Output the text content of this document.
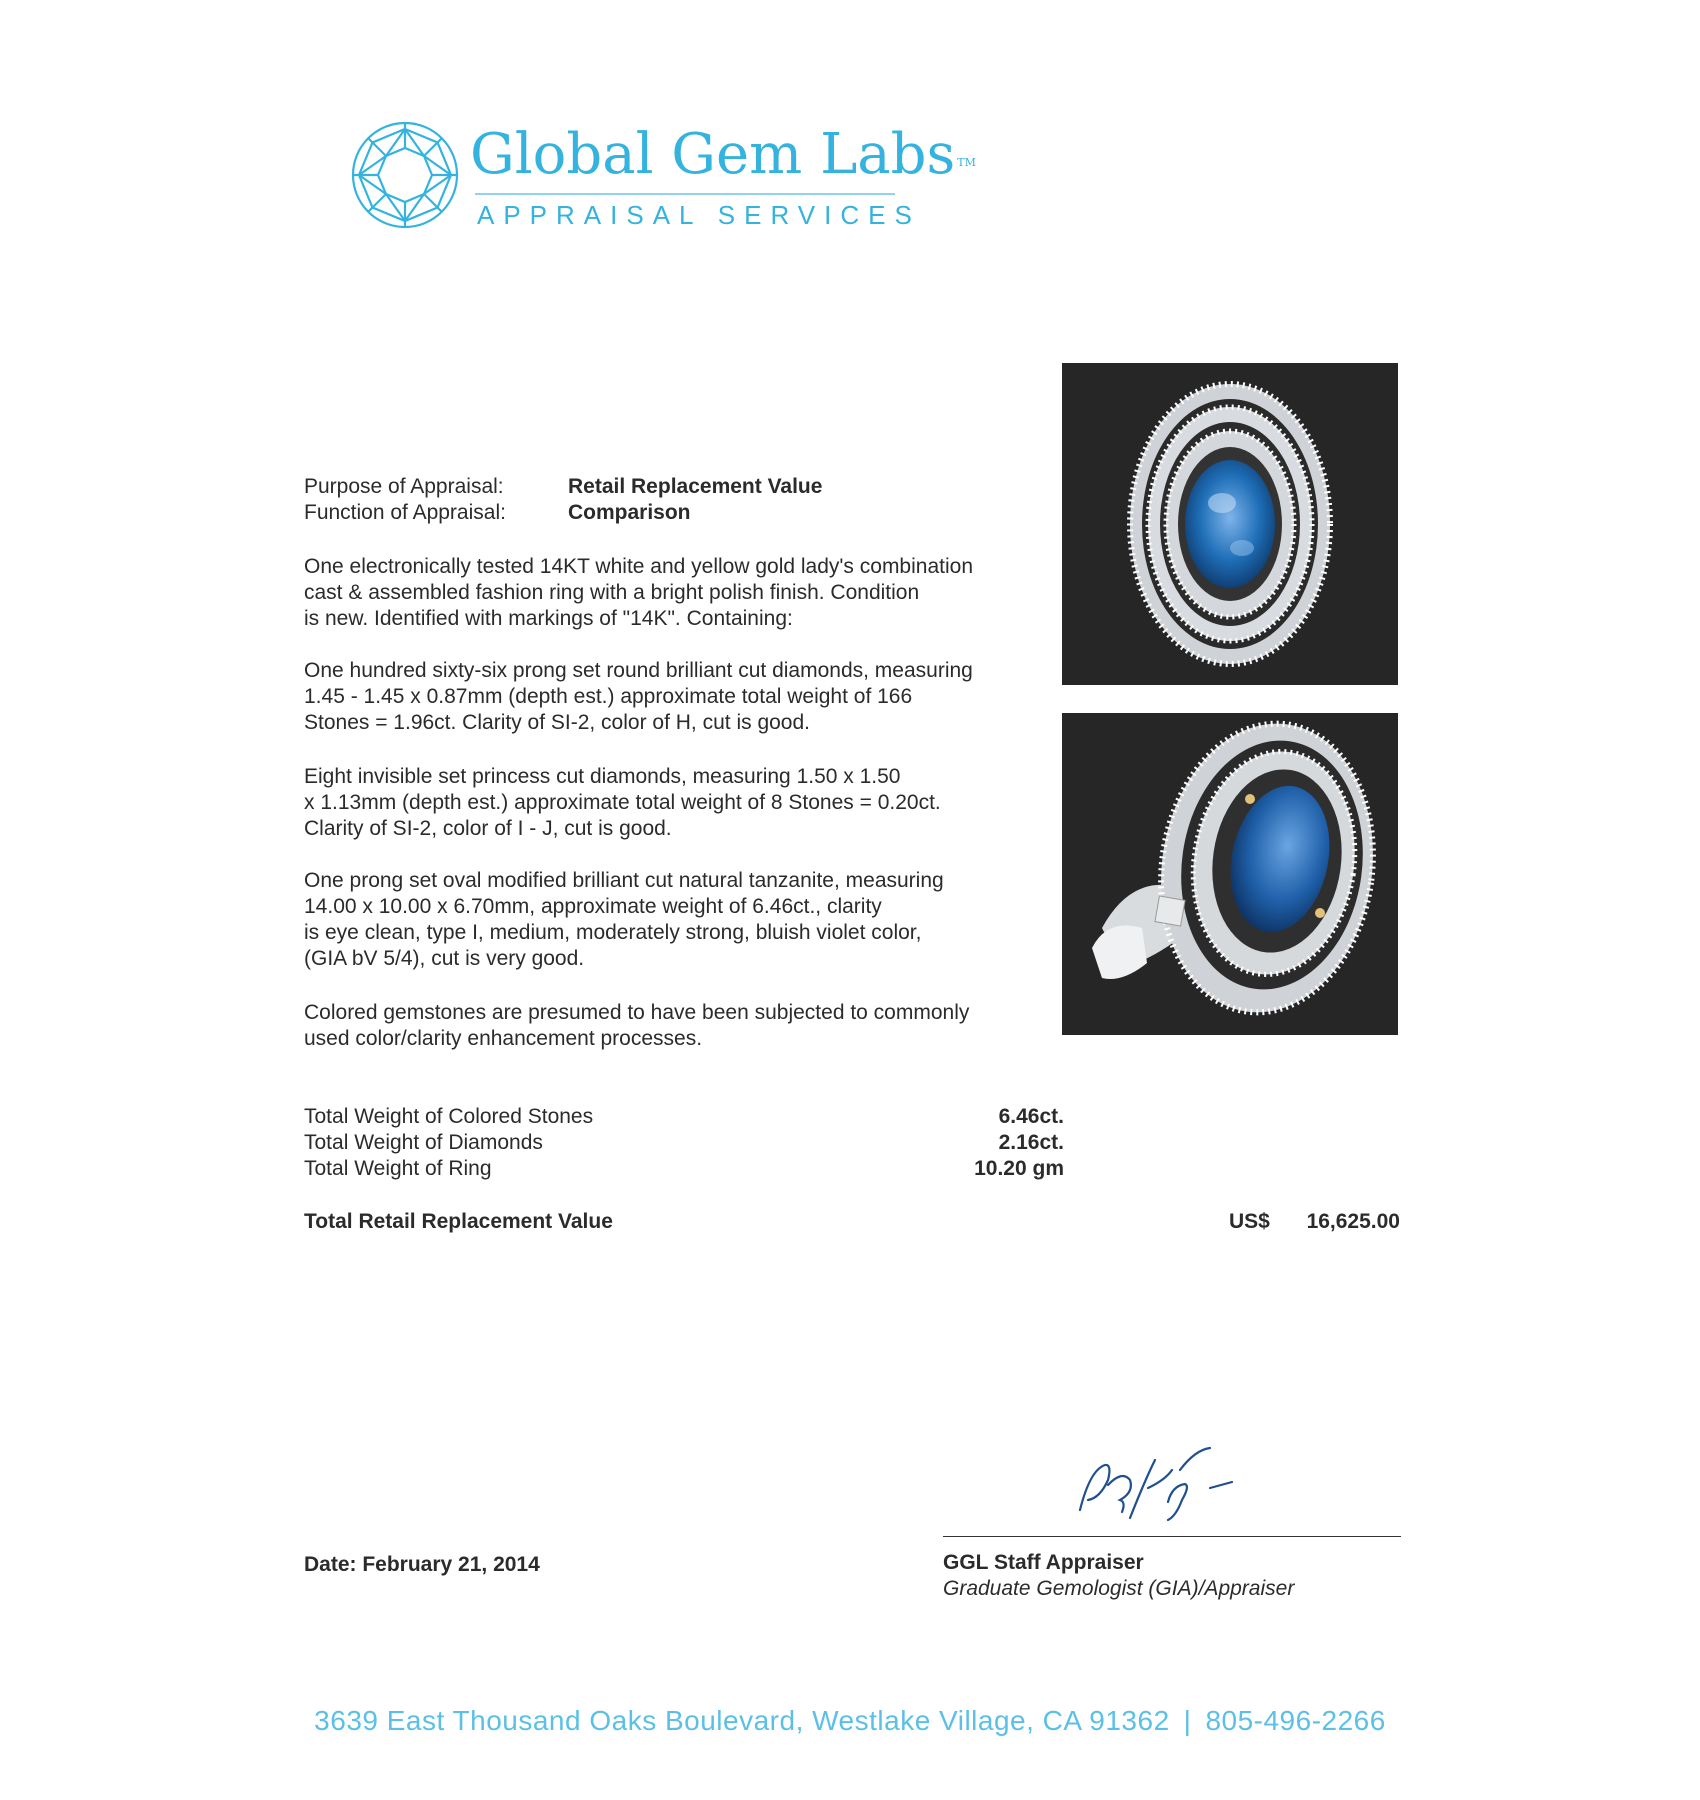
Global Gem Labs ™

APPRAISAL SERVICES

Purpose of Appraisal:	Retail Replacement Value
Function of Appraisal:	Comparison

One electronically tested 14KT white and yellow gold lady's combination
cast & assembled fashion ring with a bright polish finish. Condition
is new. Identified with markings of "14K". Containing:

One hundred sixty-six prong set round brilliant cut diamonds, measuring
1.45 - 1.45 x 0.87mm (depth est.) approximate total weight of 166
Stones = 1.96ct. Clarity of SI-2, color of H, cut is good.

Eight invisible set princess cut diamonds, measuring 1.50 x 1.50
x 1.13mm (depth est.) approximate total weight of 8 Stones = 0.20ct.
Clarity of SI-2, color of I - J, cut is good.

One prong set oval modified brilliant cut natural tanzanite, measuring
14.00 x 10.00 x 6.70mm, approximate weight of 6.46ct., clarity
is eye clean, type I, medium, moderately strong, bluish violet color,
(GIA bV 5/4), cut is very good.

Colored gemstones are presumed to have been subjected to commonly
used color/clarity enhancement processes.

Total Weight of Colored Stones	6.46ct.
Total Weight of Diamonds	2.16ct.
Total Weight of Ring	10.20 gm
Total Retail Replacement Value	US$ 16,625.00
Date: February 21, 2014	GGL Staff Appraiser
Graduate Gemologist (GIA)/Appraiser

3639 East Thousand Oaks Boulevard, Westlake Village, CA 91362 | 805-496-2266
